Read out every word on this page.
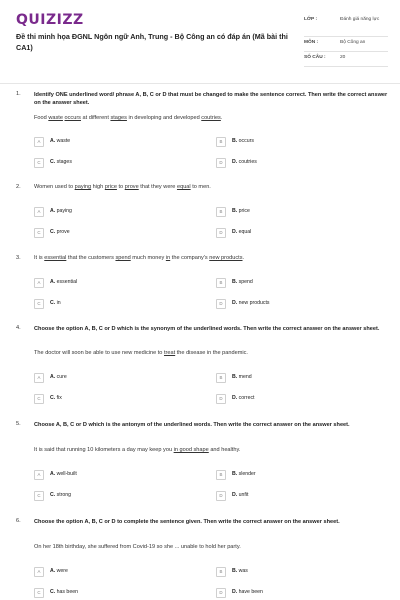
QUIZIZZ
Đề thi minh họa ĐGNL Ngôn ngữ Anh, Trung - Bộ Công an có đáp án (Mã bài thi CA1)
LỚP :	Đánh giá năng lực
MÔN :	Bộ Công an
SỐ CÂU :	20
1. Identify ONE underlined word/ phrase A, B, C or D that must be changed to make the sentence correct. Then write the correct answer on the answer sheet.
Food waste occurs at different stages in developing and developed coutries.
A	A. waste	B	B. occurs
C	C. stages	D	D. coutries
2. Women used to paying high price to prove that they were equal to men.
A	A. paying	B	B. price
C	C. prove	D	D. equal
3. It is essential that the customers spend much money in the company's new products.
A	A. essential	B	B. spend
C	C. in	D	D. new products
4. Choose the option A, B, C or D which is the synonym of the underlined words. Then write the correct answer on the answer sheet.
The doctor will soon be able to use new medicine to treat the disease in the pandemic.
A	A. cure	B	B. mend
C	C. fix	D	D. correct
5. Choose A, B, C or D which is the antonym of the underlined words. Then write the correct answer on the answer sheet.
It is said that running 10 kilometers a day may keep you in good shape and healthy.
A	A. well-built	B	B. slender
C	C. strong	D	D. unfit
6. Choose the option A, B, C or D to complete the sentence given. Then write the correct answer on the answer sheet.
On her 18th birthday, she suffered from Covid-19 so she ... unable to hold her party.
A	A. were	B	B. was
C	C. has been	D	D. have been
